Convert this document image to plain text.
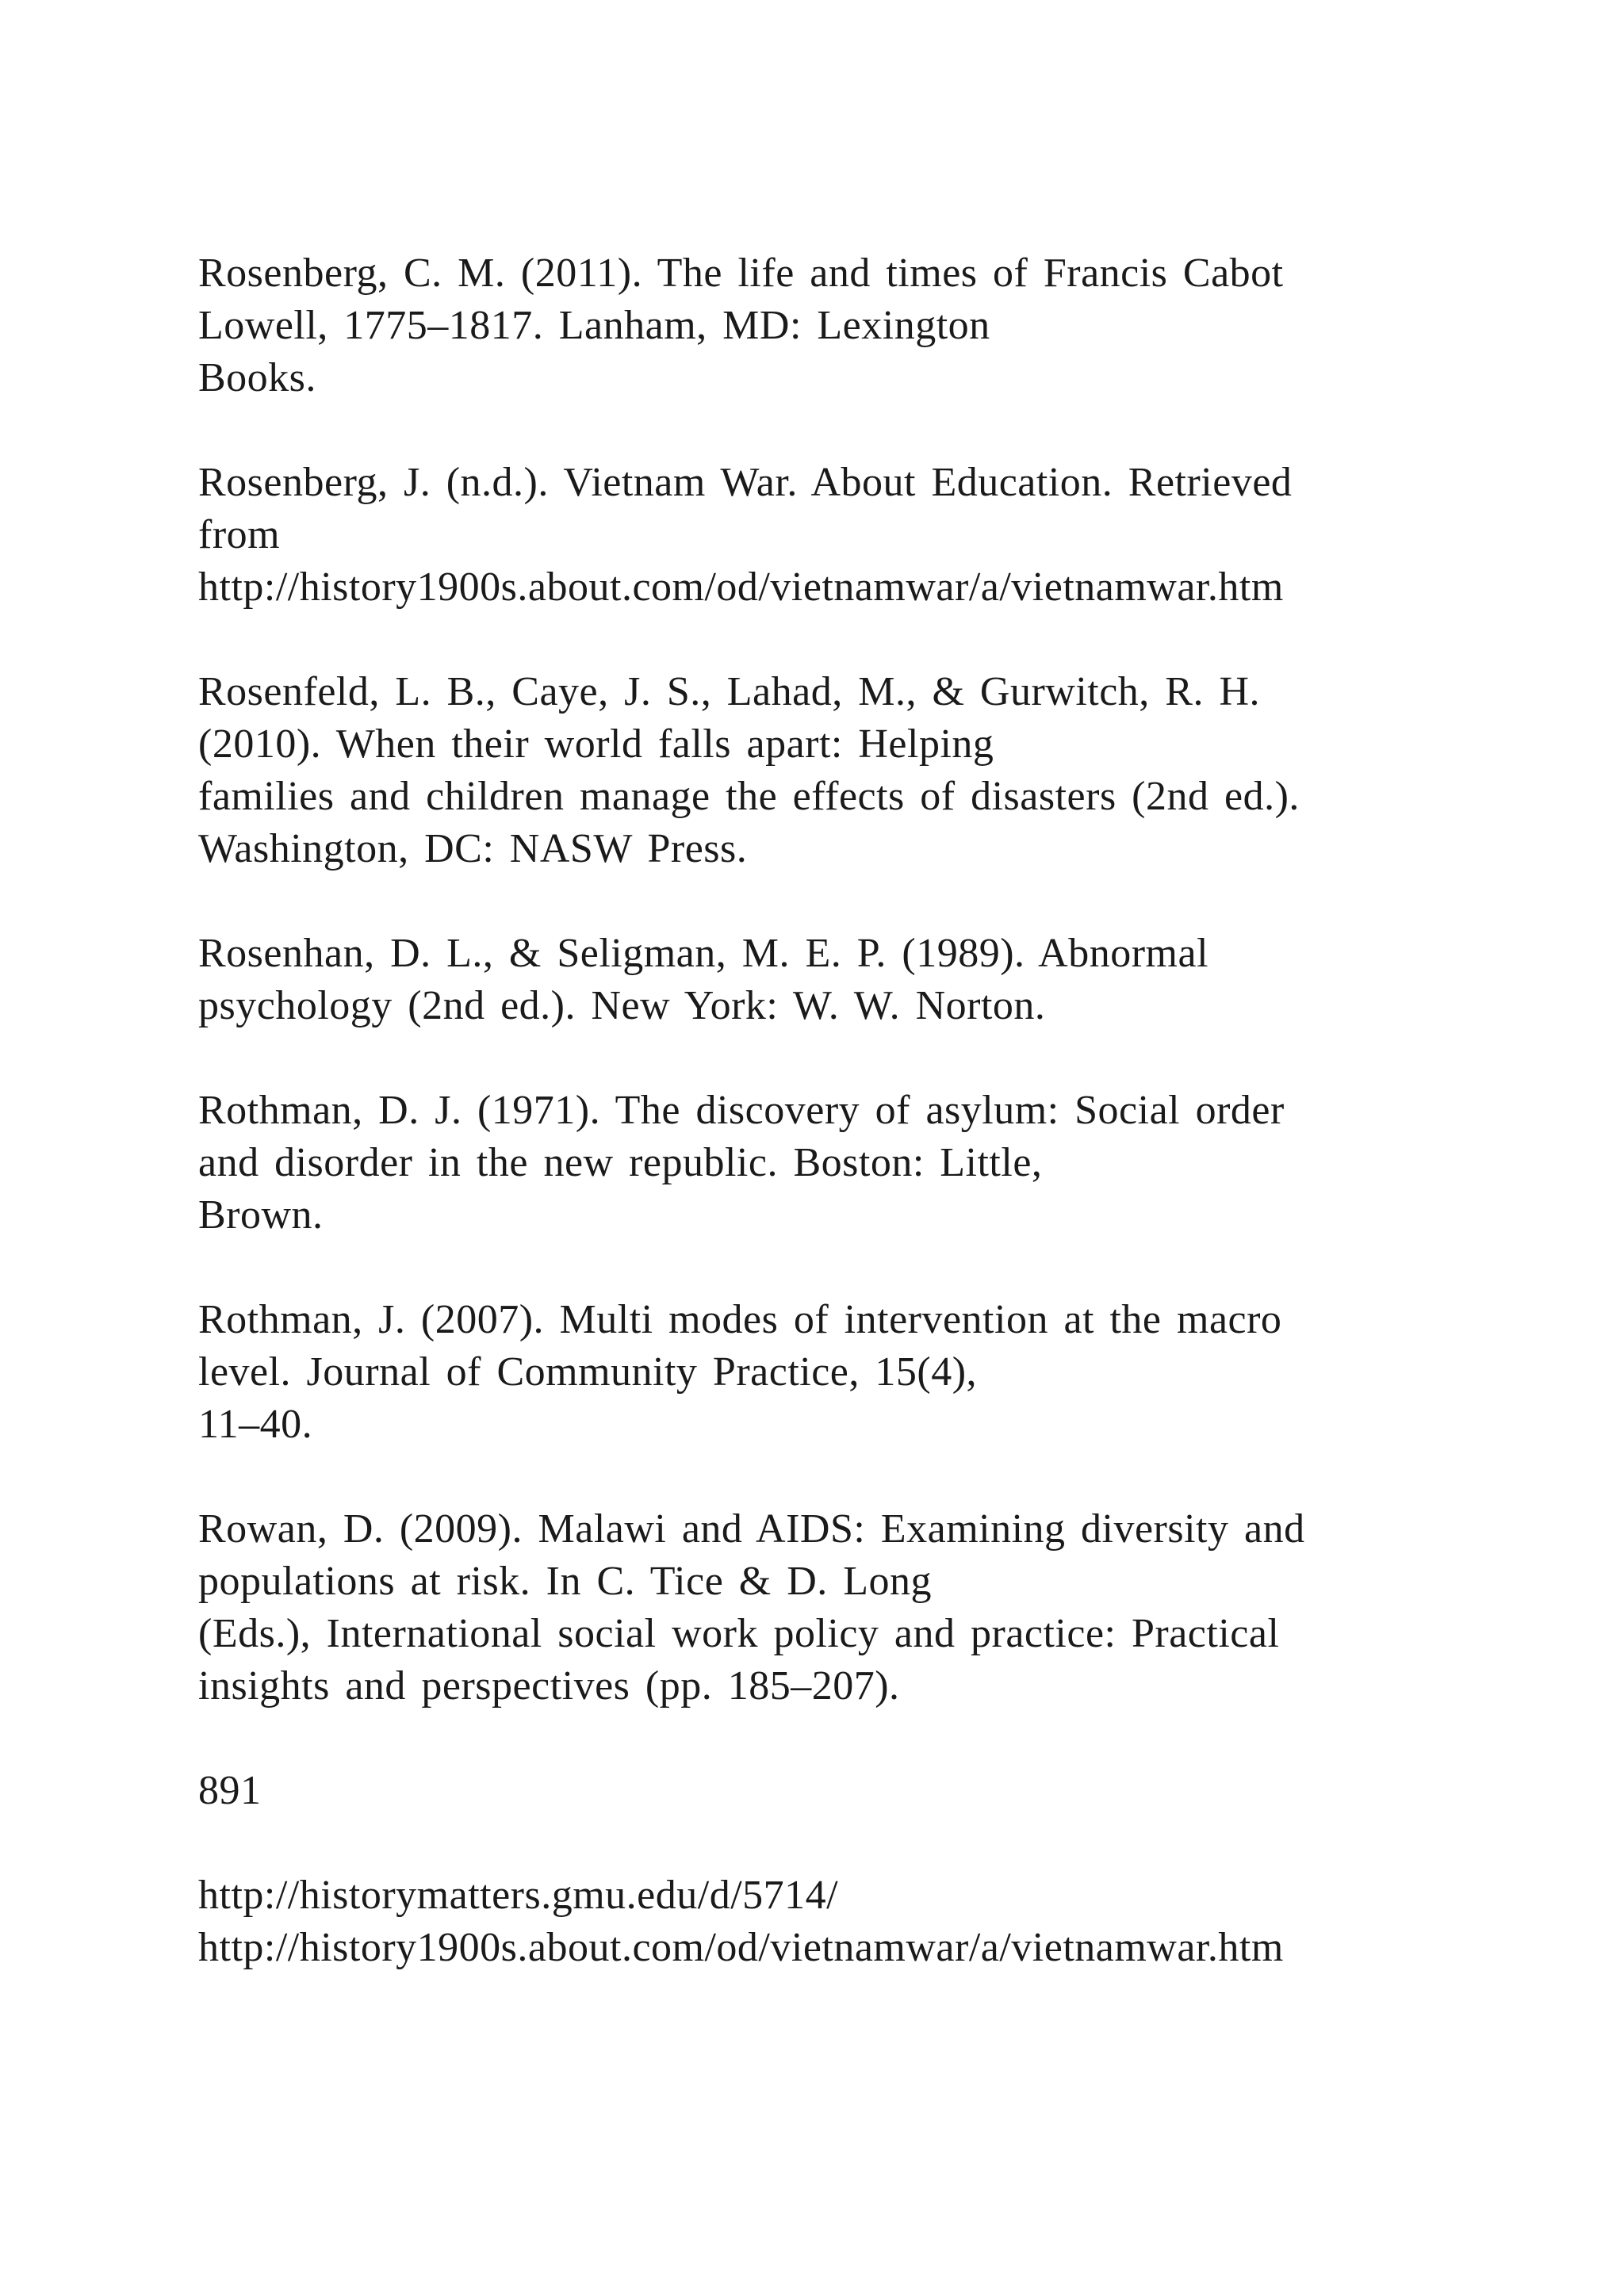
Rosenberg, C. M. (2011). The life and times of Francis Cabot
Lowell, 1775–1817. Lanham, MD: Lexington
Books.
Rosenberg, J. (n.d.). Vietnam War. About Education. Retrieved
from
http://history1900s.about.com/od/vietnamwar/a/vietnamwar.htm
Rosenfeld, L. B., Caye, J. S., Lahad, M., & Gurwitch, R. H.
(2010). When their world falls apart: Helping
families and children manage the effects of disasters (2nd ed.).
Washington, DC: NASW Press.
Rosenhan, D. L., & Seligman, M. E. P. (1989). Abnormal
psychology (2nd ed.). New York: W. W. Norton.
Rothman, D. J. (1971). The discovery of asylum: Social order
and disorder in the new republic. Boston: Little,
Brown.
Rothman, J. (2007). Multi modes of intervention at the macro
level. Journal of Community Practice, 15(4),
11–40.
Rowan, D. (2009). Malawi and AIDS: Examining diversity and
populations at risk. In C. Tice & D. Long
(Eds.), International social work policy and practice: Practical
insights and perspectives (pp. 185–207).
891
http://historymatters.gmu.edu/d/5714/
http://history1900s.about.com/od/vietnamwar/a/vietnamwar.htm
